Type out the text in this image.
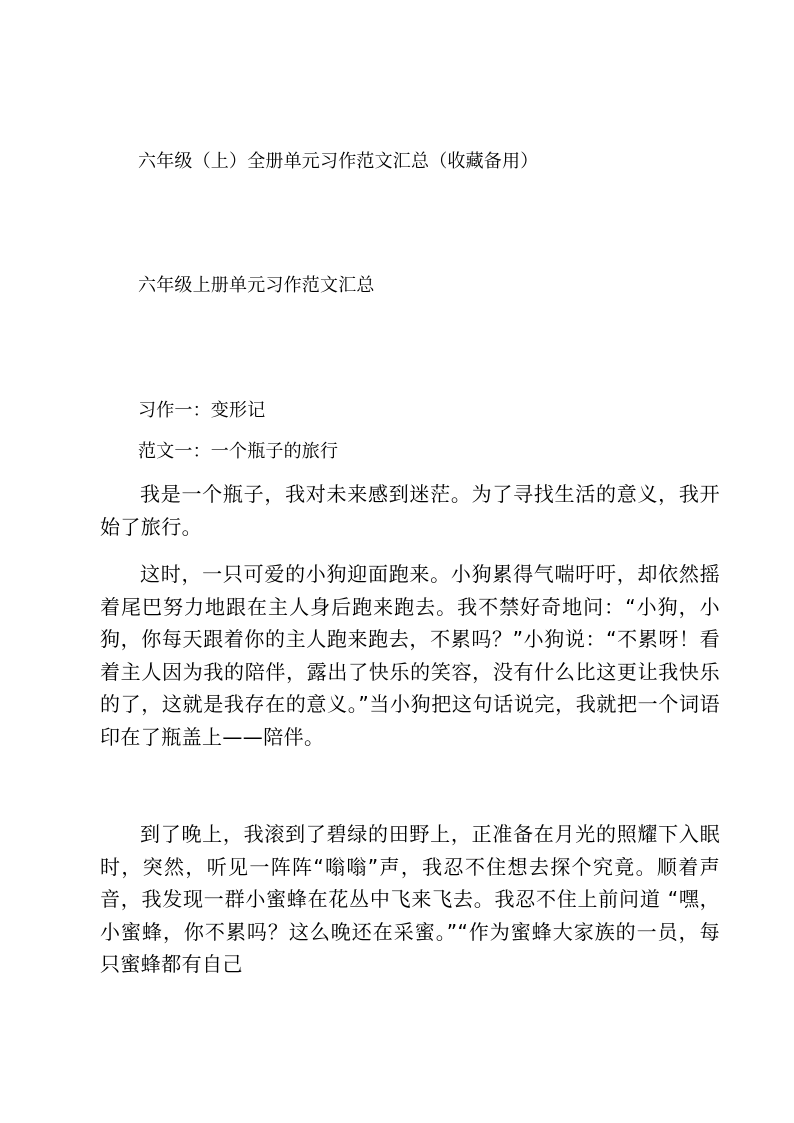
六年级（上）全册单元习作范文汇总（收藏备用）
六年级上册单元习作范文汇总
习作一：变形记
范文一：一个瓶子的旅行

我是一个瓶子，我对未来感到迷茫。为了寻找生活的意义，我开始了旅行。

这时，一只可爱的小狗迎面跑来。小狗累得气喘吁吁，却依然摇着尾巴努力地跟在主人身后跑来跑去。我不禁好奇地问：“小狗，小狗，你每天跟着你的主人跑来跑去，不累吗？”小狗说：“不累呀！看着主人因为我的陪伴，露出了快乐的笑容，没有什么比这更让我快乐的了，这就是我存在的意义。”当小狗把这句话说完，我就把一个词语印在了瓶盖上——陪伴。

到了晚上，我滚到了碧绿的田野上，正准备在月光的照耀下入眠时，突然，听见一阵阵“嗡嗡”声，我忍不住想去探个究竟。顺着声音，我发现一群小蜜蜂在花丛中飞来飞去。我忍不住上前问道 “嘿，小蜜蜂，你不累吗？这么晚还在采蜜。”“作为蜜蜂大家族的一员，每只蜜蜂都有自己
